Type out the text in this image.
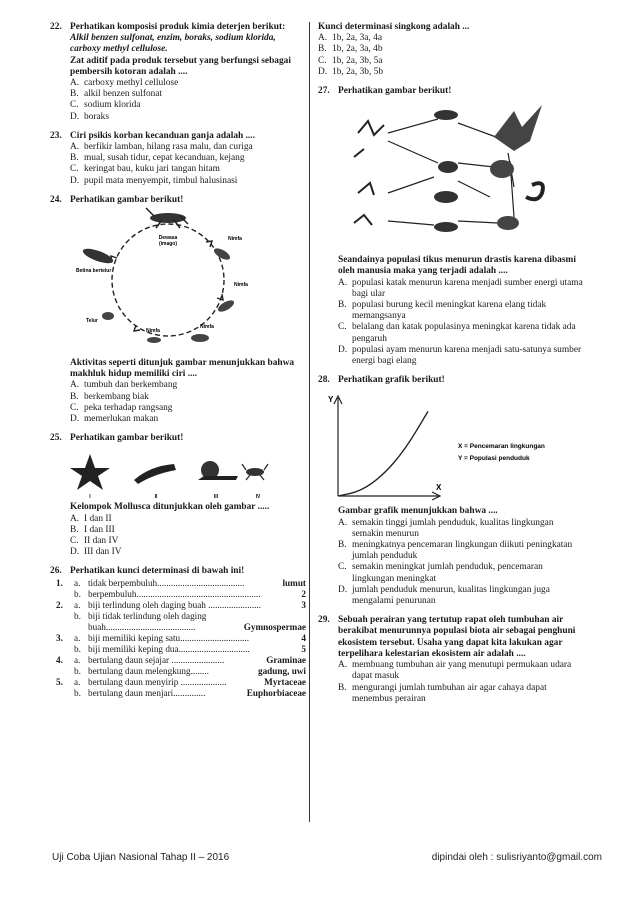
22. Perhatikan komposisi produk kimia deterjen berikut:
Alkil benzen sulfonat, enzim, boraks, sodium klorida, carboxy methyl cellulose.
Zat aditif pada produk tersebut yang berfungsi sebagai pembersih kotoran adalah ....
A. carboxy methyl cellulose
B. alkil benzen sulfonat
C. sodium klorida
D. boraks
23. Ciri psikis korban kecanduan ganja adalah ....
A. berfikir lamban, hilang rasa malu, dan curiga
B. mual, susah tidur, cepat kecanduan, kejang
C. keringat bau, kuku jari tangan hitam
D. pupil mata menyempit, timbul halusinasi
24. Perhatikan gambar berikut!
Dewasa
(imago)
Nimfa
Nimfa
Nimfa
Nimfa
Telur
Betina bertelur
Aktivitas seperti ditunjuk gambar menunjukkan bahwa makhluk hidup memiliki ciri ....
A. tumbuh dan berkembang
B. berkembang biak
C. peka terhadap rangsang
D. memerlukan makan
25. Perhatikan gambar berikut!
I	II	III	IV
Kelompok Mollusca ditunjukkan oleh gambar .....
A. I dan II
B. I dan III
C. II dan IV
D. III dan IV
26. Perhatikan kunci determinasi di bawah ini!
1.	a. tidak berpembuluh......................................	lumut
b. berpembuluh......................................................	2
2.	a. biji terlindung oleh daging buah .......................	3
b. biji tidak terlindung oleh daging
buah.......................................	Gymnospermae
3.	a. biji memiliki keping satu..............................	4
b. biji memiliki keping dua...............................	5
4.	a. bertulang daun sejajar .......................	Graminae
b. bertulang daun melengkung........	gadung, uwi
5.	a. bertulang daun menyirip ....................	Myrtaceae
b. bertulang daun menjari..............	Euphorbiaceae
Kunci determinasi singkong adalah ...
A. 1b, 2a, 3a, 4a
B. 1b, 2a, 3a, 4b
C. 1b, 2a, 3b, 5a
D. 1b, 2a, 3b, 5b
27. Perhatikan gambar berikut!
Seandainya populasi tikus menurun drastis karena dibasmi oleh manusia maka yang terjadi adalah ....
A. populasi katak menurun karena menjadi sumber energi utama bagi ular
B. populasi burung kecil meningkat karena elang tidak memangsanya
C. belalang dan katak populasinya meningkat karena tidak ada pengaruh
D. populasi ayam menurun karena menjadi satu-satunya sumber energi bagi elang
28. Perhatikan grafik berikut!
Y
X
X = Pencemaran lingkungan
Y = Populasi penduduk
Gambar grafik menunjukkan bahwa ....
A. semakin tinggi jumlah penduduk, kualitas lingkungan semakin menurun
B. meningkatnya pencemaran lingkungan diikuti peningkatan jumlah penduduk
C. semakin meningkat jumlah penduduk, pencemaran lingkungan meningkat
D. jumlah penduduk menurun, kualitas lingkungan juga mengalami penurunan
29. Sebuah perairan yang tertutup rapat oleh tumbuhan air berakibat menurunnya populasi biota air sebagai penghuni ekosistem tersebut. Usaha yang dapat kita lakukan agar terpelihara kelestarian ekosistem air adalah ....
A. membuang tumbuhan air yang menutupi permukaan udara dapat masuk
B. mengurangi jumlah tumbuhan air agar cahaya dapat menembus perairan
Uji Coba Ujian Nasional Tahap II – 2016	dipindai oleh : sulisriyanto@gmail.com
